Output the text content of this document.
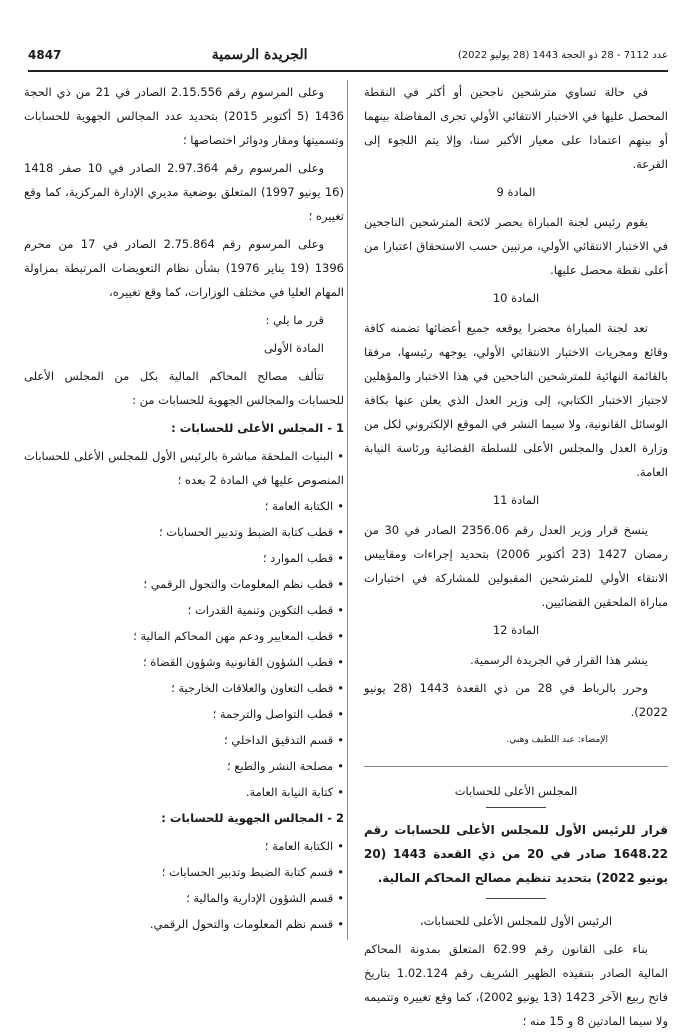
4847	الجريدة الرسمية	عدد 7112 - 28 ذو الحجة 1443 (28 يوليو 2022)

في حالة تساوي مترشحين ناجحين أو أكثر في النقطة المحصل عليها في الاختبار الانتقائي الأولي تجرى المفاضلة بينهما أو بينهم اعتمادا على معيار الأكبر سنا، وإلا يتم اللجوء إلى القرعة.

المادة 9

يقوم رئيس لجنة المباراة بحصر لائحة المترشحين الناجحين في الاختبار الانتقائي الأولي، مرتبين حسب الاستحقاق اعتبارا من أعلى نقطة محصل عليها.

المادة 10

تعد لجنة المباراة محضرا يوقعه جميع أعضائها تضمنه كافة وقائع ومجريات الاختبار الانتقائي الأولي، يوجهه رئيسها، مرفقا بالقائمة النهائية للمترشحين الناجحين في هذا الاختبار والمؤهلين لاجتياز الاختبار الكتابي، إلى وزير العدل الذي يعلن عنها بكافة الوسائل القانونية، ولا سيما النشر في الموقع الإلكتروني لكل من وزارة العدل والمجلس الأعلى للسلطة القضائية ورئاسة النيابة العامة.

المادة 11

ينسخ قرار وزير العدل رقم 2356.06 الصادر في 30 من رمضان 1427 (23 أكتوبر 2006) بتحديد إجراءات ومقاييس الانتقاء الأولي للمترشحين المقبولين للمشاركة في اختبارات مباراة الملحقين القضائيين.

المادة 12

ينشر هذا القرار في الجريدة الرسمية.

وحرر بالرباط في 28 من ذي القعدة 1443 (28 يونيو 2022).

الإمضاء: عبد اللطيف وهبي.
المجلس الأعلى للحسابات
قرار للرئيس الأول للمجلس الأعلى للحسابات رقم 1648.22 صادر في 20 من ذي القعدة 1443 (20 يونيو 2022) بتحديد تنظيم مصالح المحاكم المالية.

الرئيس الأول للمجلس الأعلى للحسابات،

بناء على القانون رقم 62.99 المتعلق بمدونة المحاكم المالية الصادر بتنفيذه الظهير الشريف رقم 1.02.124 بتاريخ فاتح ربيع الآخر 1423 (13 يونيو 2002)، كما وقع تغييره وتتميمه ولا سيما المادتين 8 و 15 منه ؛

وعلى المرسوم رقم 2.15.556 الصادر في 21 من ذي الحجة 1436 (5 أكتوبر 2015) بتحديد عدد المجالس الجهوية للحسابات وتسميتها ومقار ودوائر اختصاصها ؛

وعلى المرسوم رقم 2.97.364 الصادر في 10 صفر 1418 (16 يونيو 1997) المتعلق بوضعية مديري الإدارة المركزية، كما وقع تغييره ؛

وعلى المرسوم رقم 2.75.864 الصادر في 17 من محرم 1396 (19 يناير 1976) بشأن نظام التعويضات المرتبطة بمزاولة المهام العليا في مختلف الوزارات، كما وقع تغييره،

قرر ما يلي :

المادة الأولى

تتألف مصالح المحاكم المالية بكل من المجلس الأعلى للحسابات والمجالس الجهوية للحسابات من :

1 - المجلس الأعلى للحسابات :
•البنيات الملحقة مباشرة بالرئيس الأول للمجلس الأعلى للحسابات المنصوص عليها في المادة 2 بعده ؛
•الكتابة العامة ؛
•قطب كتابة الضبط وتدبير الحسابات ؛
•قطب الموارد ؛
•قطب نظم المعلومات والتحول الرقمي ؛
•قطب التكوين وتنمية القدرات ؛
•قطب المعايير ودعم مهن المحاكم المالية ؛
•قطب الشؤون القانونية وشؤون القضاة ؛
•قطب التعاون والعلاقات الخارجية ؛
•قطب التواصل والترجمة ؛
•قسم التدقيق الداخلي ؛
•مصلحة النشر والطبع ؛
•كتابة النيابة العامة.
2 - المجالس الجهوية للحسابات :
•الكتابة العامة ؛
•قسم كتابة الضبط وتدبير الحسابات ؛
•قسم الشؤون الإدارية والمالية ؛
•قسم نظم المعلومات والتحول الرقمي.
